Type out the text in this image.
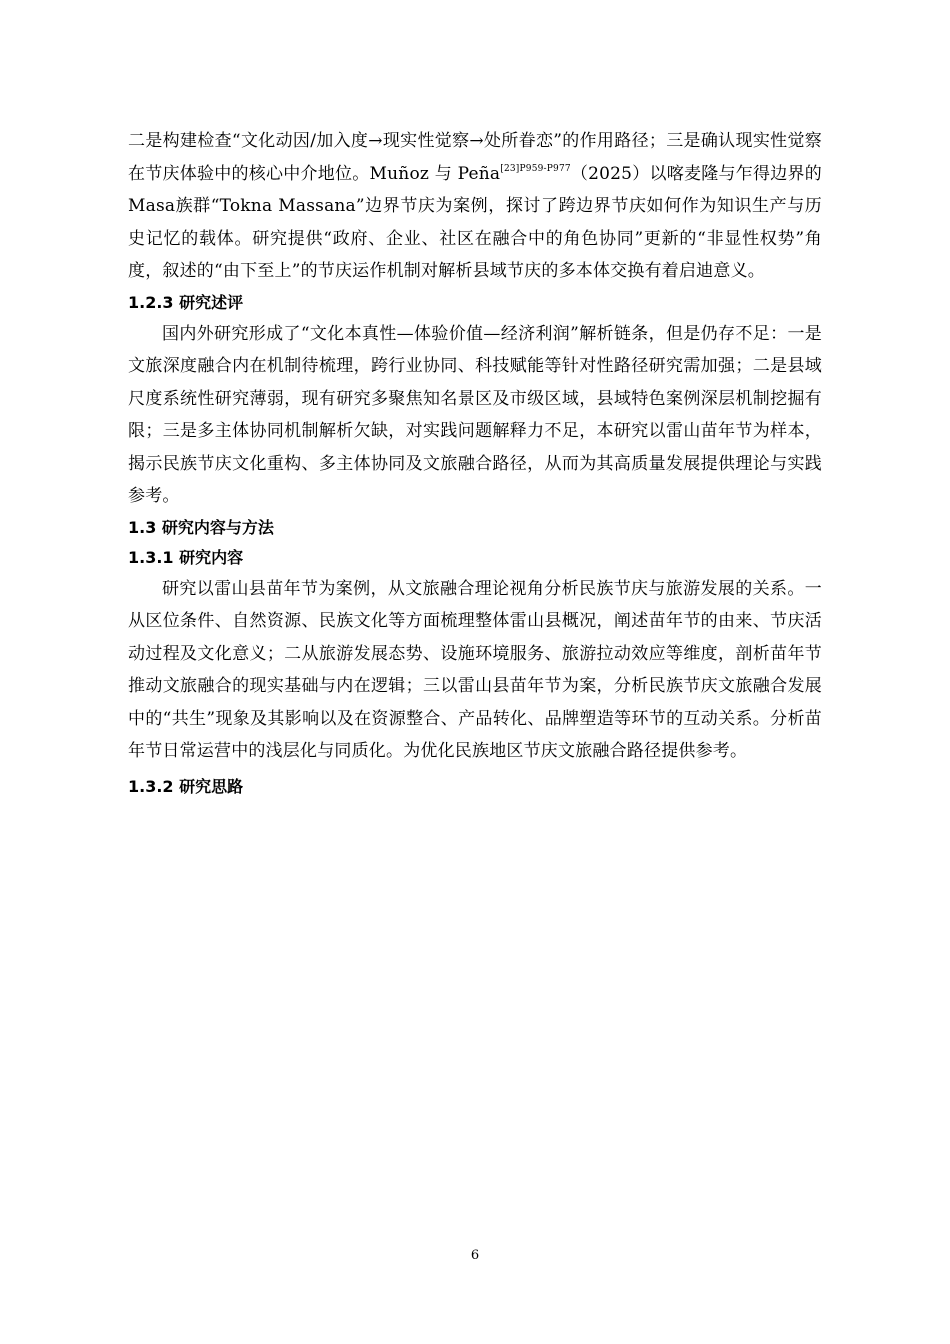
二是构建检查“文化动因/加入度→现实性觉察→处所眷恋”的作用路径；三是确认现实性觉察在节庆体验中的核心中介地位。Muñoz 与 Peña$^{[23]P959-P977}$（2025）以喀麦隆与乍得边界的Masa族群“Tokna Massana”边界节庆为案例，探讨了跨边界节庆如何作为知识生产与历史记忆的载体。研究提供“政府、企业、社区在融合中的角色协同”更新的“非显性权势”角度，叙述的“由下至上”的节庆运作机制对解析县域节庆的多本体交换有着启迪意义。

1.2.3 研究述评

国内外研究形成了“文化本真性—体验价值—经济利润”解析链条，但是仍存不足：一是文旅深度融合内在机制待梳理，跨行业协同、科技赋能等针对性路径研究需加强；二是县域尺度系统性研究薄弱，现有研究多聚焦知名景区及市级区域，县域特色案例深层机制挖掘有限；三是多主体协同机制解析欠缺，对实践问题解释力不足，本研究以雷山苗年节为样本，揭示民族节庆文化重构、多主体协同及文旅融合路径，从而为其高质量发展提供理论与实践参考。

1.3 研究内容与方法
1.3.1 研究内容

研究以雷山县苗年节为案例，从文旅融合理论视角分析民族节庆与旅游发展的关系。一从区位条件、自然资源、民族文化等方面梳理整体雷山县概况，阐述苗年节的由来、节庆活动过程及文化意义；二从旅游发展态势、设施环境服务、旅游拉动效应等维度，剖析苗年节推动文旅融合的现实基础与内在逻辑；三以雷山县苗年节为案，分析民族节庆文旅融合发展中的“共生”现象及其影响以及在资源整合、产品转化、品牌塑造等环节的互动关系。分析苗年节日常运营中的浅层化与同质化。为优化民族地区节庆文旅融合路径提供参考。

1.3.2 研究思路
6
